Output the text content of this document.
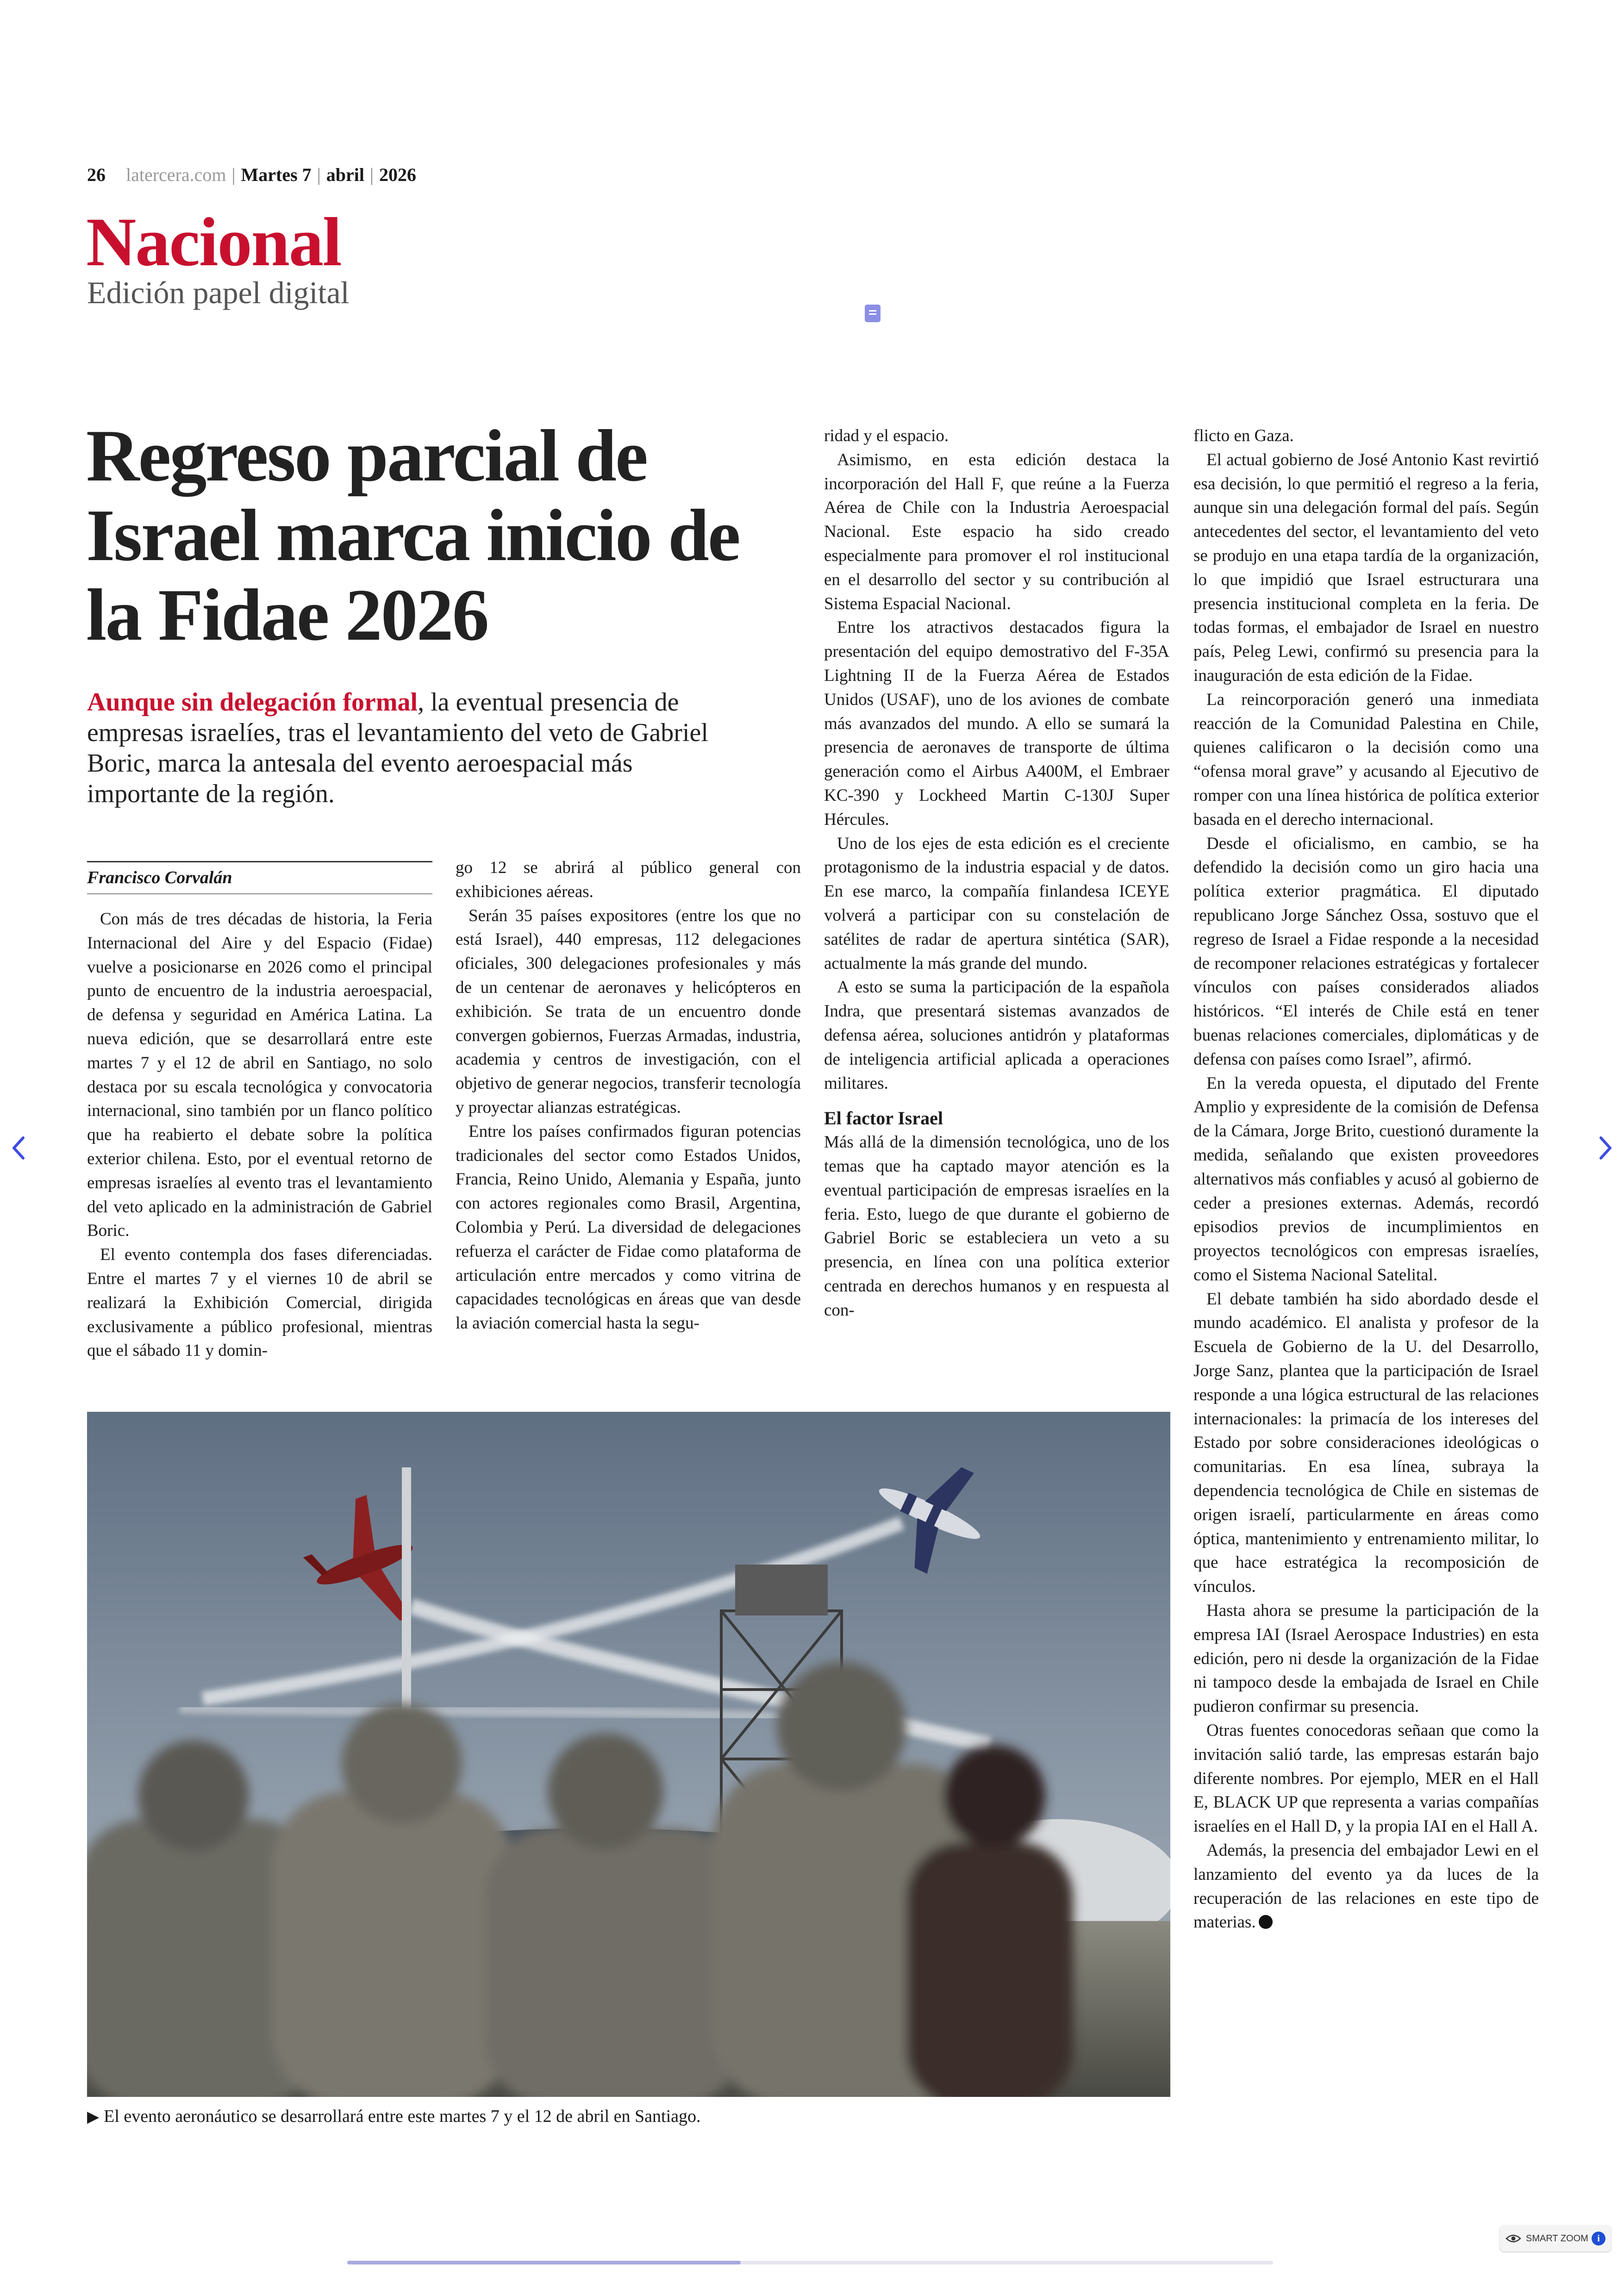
26 latercera.com | Martes 7 | abril | 2026
Nacional
Edición papel digital
Regreso parcial de Israel marca inicio de la Fidae 2026
Aunque sin delegación formal, la eventual presencia de empresas israelíes, tras el levantamiento del veto de Gabriel Boric, marca la antesala del evento aeroespacial más importante de la región.
Francisco Corvalán

Con más de tres décadas de historia, la Feria Internacional del Aire y del Espacio (Fidae) vuelve a posicionarse en 2026 como el principal punto de encuentro de la industria aeroespacial, de defensa y seguridad en América Latina. La nueva edición, que se desarrollará entre este martes 7 y el 12 de abril en Santiago, no solo destaca por su escala tecnológica y convocatoria internacional, sino también por un flanco político que ha reabierto el debate sobre la política exterior chilena. Esto, por el eventual retorno de empresas israelíes al evento tras el levantamiento del veto aplicado en la administración de Gabriel Boric.

El evento contempla dos fases diferenciadas. Entre el martes 7 y el viernes 10 de abril se realizará la Exhibición Comercial, dirigida exclusivamente a público profesional, mientras que el sábado 11 y domin-

go 12 se abrirá al público general con exhibiciones aéreas.

Serán 35 países expositores (entre los que no está Israel), 440 empresas, 112 delegaciones oficiales, 300 delegaciones profesionales y más de un centenar de aeronaves y helicópteros en exhibición. Se trata de un encuentro donde convergen gobiernos, Fuerzas Armadas, industria, academia y centros de investigación, con el objetivo de generar negocios, transferir tecnología y proyectar alianzas estratégicas.

Entre los países confirmados figuran potencias tradicionales del sector como Estados Unidos, Francia, Reino Unido, Alemania y España, junto con actores regionales como Brasil, Argentina, Colombia y Perú. La diversidad de delegaciones refuerza el carácter de Fidae como plataforma de articulación entre mercados y como vitrina de capacidades tecnológicas en áreas que van desde la aviación comercial hasta la segu-

ridad y el espacio.

Asimismo, en esta edición destaca la incorporación del Hall F, que reúne a la Fuerza Aérea de Chile con la Industria Aeroespacial Nacional. Este espacio ha sido creado especialmente para promover el rol institucional en el desarrollo del sector y su contribución al Sistema Espacial Nacional.

Entre los atractivos destacados figura la presentación del equipo demostrativo del F-35A Lightning II de la Fuerza Aérea de Estados Unidos (USAF), uno de los aviones de combate más avanzados del mundo. A ello se sumará la presencia de aeronaves de transporte de última generación como el Airbus A400M, el Embraer KC-390 y Lockheed Martin C-130J Super Hércules.

Uno de los ejes de esta edición es el creciente protagonismo de la industria espacial y de datos. En ese marco, la compañía finlandesa ICEYE volverá a participar con su constelación de satélites de radar de apertura sintética (SAR), actualmente la más grande del mundo.

A esto se suma la participación de la española Indra, que presentará sistemas avanzados de defensa aérea, soluciones antidrón y plataformas de inteligencia artificial aplicada a operaciones militares.

El factor Israel

Más allá de la dimensión tecnológica, uno de los temas que ha captado mayor atención es la eventual participación de empresas israelíes en la feria. Esto, luego de que durante el gobierno de Gabriel Boric se estableciera un veto a su presencia, en línea con una política exterior centrada en derechos humanos y en respuesta al con-

flicto en Gaza.

El actual gobierno de José Antonio Kast revirtió esa decisión, lo que permitió el regreso a la feria, aunque sin una delegación formal del país. Según antecedentes del sector, el levantamiento del veto se produjo en una etapa tardía de la organización, lo que impidió que Israel estructurara una presencia institucional completa en la feria. De todas formas, el embajador de Israel en nuestro país, Peleg Lewi, confirmó su presencia para la inauguración de esta edición de la Fidae.

La reincorporación generó una inmediata reacción de la Comunidad Palestina en Chile, quienes calificaron o la decisión como una “ofensa moral grave” y acusando al Ejecutivo de romper con una línea histórica de política exterior basada en el derecho internacional.

Desde el oficialismo, en cambio, se ha defendido la decisión como un giro hacia una política exterior pragmática. El diputado republicano Jorge Sánchez Ossa, sostuvo que el regreso de Israel a Fidae responde a la necesidad de recomponer relaciones estratégicas y fortalecer vínculos con países considerados aliados históricos. “El interés de Chile está en tener buenas relaciones comerciales, diplomáticas y de defensa con países como Israel”, afirmó.

En la vereda opuesta, el diputado del Frente Amplio y expresidente de la comisión de Defensa de la Cámara, Jorge Brito, cuestionó duramente la medida, señalando que existen proveedores alternativos más confiables y acusó al gobierno de ceder a presiones externas. Además, recordó episodios previos de incumplimientos en proyectos tecnológicos con empresas israelíes, como el Sistema Nacional Satelital.

El debate también ha sido abordado desde el mundo académico. El analista y profesor de la Escuela de Gobierno de la U. del Desarrollo, Jorge Sanz, plantea que la participación de Israel responde a una lógica estructural de las relaciones internacionales: la primacía de los intereses del Estado por sobre consideraciones ideológicas o comunitarias. En esa línea, subraya la dependencia tecnológica de Chile en sistemas de origen israelí, particularmente en áreas como óptica, mantenimiento y entrenamiento militar, lo que hace estratégica la recomposición de vínculos.

Hasta ahora se presume la participación de la empresa IAI (Israel Aerospace Industries) en esta edición, pero ni desde la organización de la Fidae ni tampoco desde la embajada de Israel en Chile pudieron confirmar su presencia.

Otras fuentes conocedoras señaan que como la invitación salió tarde, las empresas estarán bajo diferente nombres. Por ejemplo, MER en el Hall E, BLACK UP que representa a varias compañías israelíes en el Hall D, y la propia IAI en el Hall A.

Además, la presencia del embajador Lewi en el lanzamiento del evento ya da luces de la recuperación de las relaciones en este tipo de materias.

▶ El evento aeronáutico se desarrollará entre este martes 7 y el 12 de abril en Santiago.
SMART ZOOM i
